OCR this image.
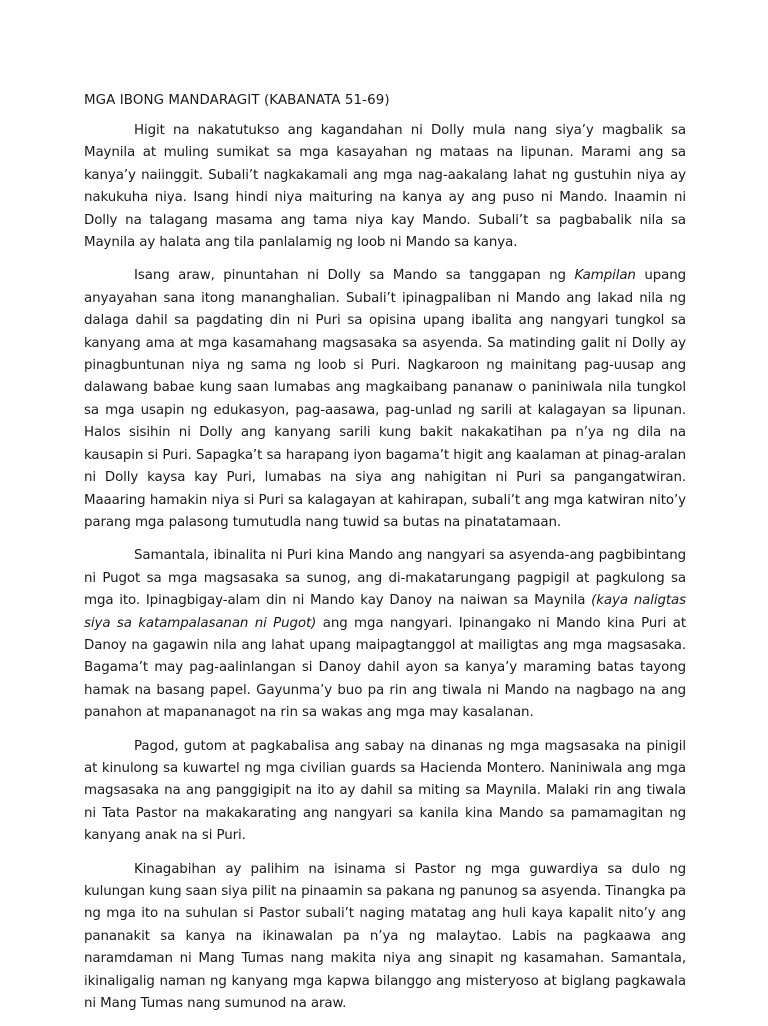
MGA IBONG MANDARAGIT (KABANATA 51-69)

Higit na nakatutukso ang kagandahan ni Dolly mula nang siya’y magbalik sa Maynila at muling sumikat sa mga kasayahan ng mataas na lipunan. Marami ang sa kanya’y naiinggit. Subali’t nagkakamali ang mga nag-aakalang lahat ng gustuhin niya ay nakukuha niya. Isang hindi niya maituring na kanya ay ang puso ni Mando. Inaamin ni Dolly na talagang masama ang tama niya kay Mando. Subali’t sa pagbabalik nila sa Maynila ay halata ang tila panlalamig ng loob ni Mando sa kanya.

Isang araw, pinuntahan ni Dolly sa Mando sa tanggapan ng Kampilan upang anyayahan sana itong mananghalian. Subali’t ipinagpaliban ni Mando ang lakad nila ng dalaga dahil sa pagdating din ni Puri sa opisina upang ibalita ang nangyari tungkol sa kanyang ama at mga kasamahang magsasaka sa asyenda. Sa matinding galit ni Dolly ay pinagbuntunan niya ng sama ng loob si Puri. Nagkaroon ng mainitang pag-uusap ang dalawang babae kung saan lumabas ang magkaibang pananaw o paniniwala nila tungkol sa mga usapin ng edukasyon, pag-aasawa, pag-unlad ng sarili at kalagayan sa lipunan. Halos sisihin ni Dolly ang kanyang sarili kung bakit nakakatihan pa n’ya ng dila na kausapin si Puri. Sapagka’t sa harapang iyon bagama’t higit ang kaalaman at pinag-aralan ni Dolly kaysa kay Puri, lumabas na siya ang nahigitan ni Puri sa pangangatwiran. Maaaring hamakin niya si Puri sa kalagayan at kahirapan, subali’t ang mga katwiran nito’y parang mga palasong tumutudla nang tuwid sa butas na pinatatamaan.

Samantala, ibinalita ni Puri kina Mando ang nangyari sa asyenda-ang pagbibintang ni Pugot sa mga magsasaka sa sunog, ang di-makatarungang pagpigil at pagkulong sa mga ito. Ipinagbigay-alam din ni Mando kay Danoy na naiwan sa Maynila (kaya naligtas siya sa katampalasanan ni Pugot) ang mga nangyari. Ipinangako ni Mando kina Puri at Danoy na gagawin nila ang lahat upang maipagtanggol at mailigtas ang mga magsasaka. Bagama’t may pag-aalinlangan si Danoy dahil ayon sa kanya’y maraming batas tayong hamak na basang papel. Gayunma’y buo pa rin ang tiwala ni Mando na nagbago na ang panahon at mapananagot na rin sa wakas ang mga may kasalanan.

Pagod, gutom at pagkabalisa ang sabay na dinanas ng mga magsasaka na pinigil at kinulong sa kuwartel ng mga civilian guards sa Hacienda Montero. Naniniwala ang mga magsasaka na ang panggigipit na ito ay dahil sa miting sa Maynila. Malaki rin ang tiwala ni Tata Pastor na makakarating ang nangyari sa kanila kina Mando sa pamamagitan ng kanyang anak na si Puri.

Kinagabihan ay palihim na isinama si Pastor ng mga guwardiya sa dulo ng kulungan kung saan siya pilit na pinaamin sa pakana ng panunog sa asyenda. Tinangka pa ng mga ito na suhulan si Pastor subali’t naging matatag ang huli kaya kapalit nito’y ang pananakit sa kanya na ikinawalan pa n’ya ng malaytao. Labis na pagkaawa ang naramdaman ni Mang Tumas nang makita niya ang sinapit ng kasamahan. Samantala, ikinaligalig naman ng kanyang mga kapwa bilanggo ang misteryoso at biglang pagkawala ni Mang Tumas nang sumunod na araw.
